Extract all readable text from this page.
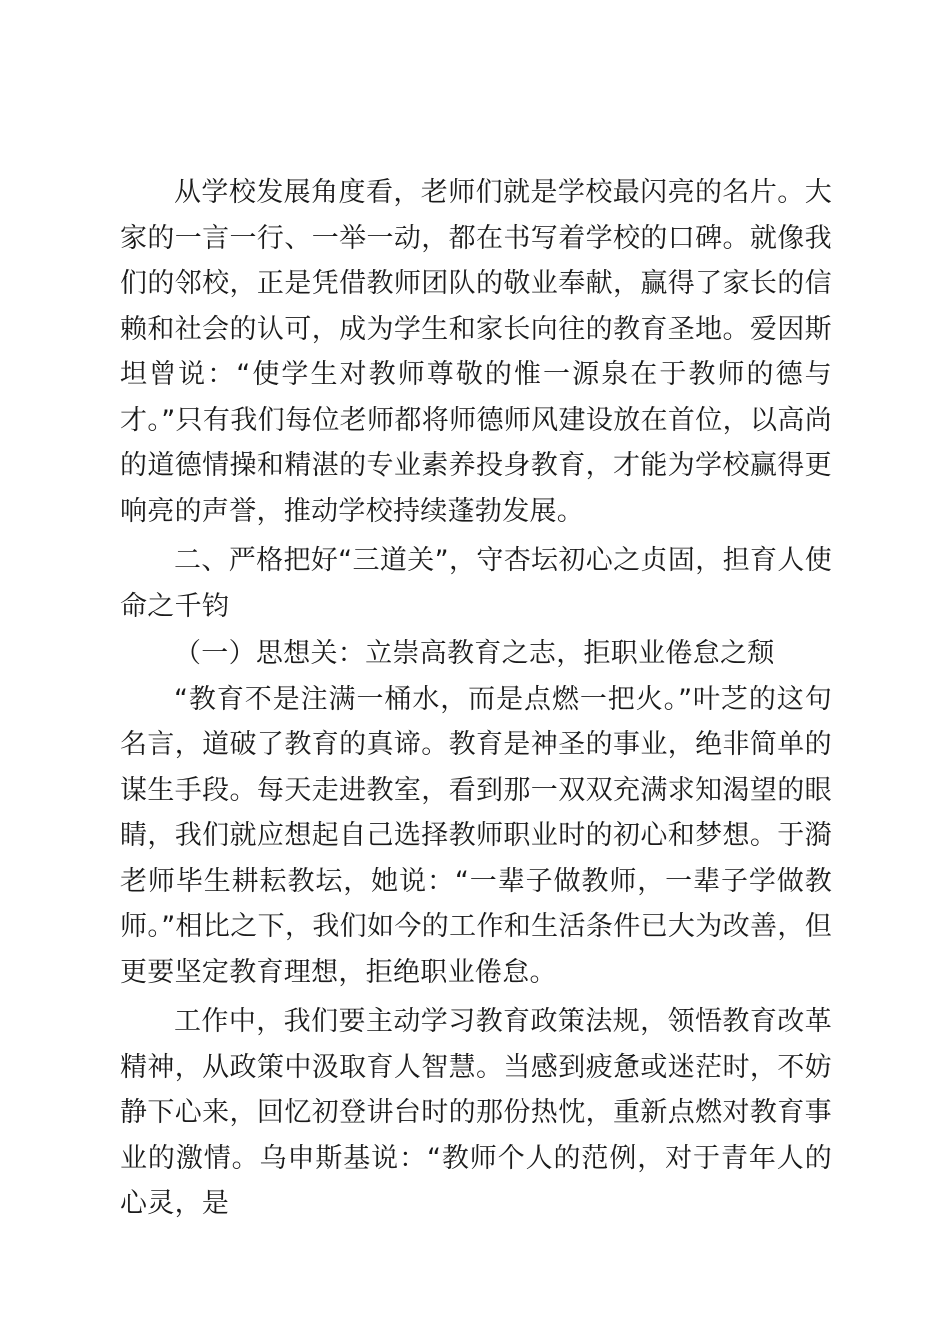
从学校发展角度看，老师们就是学校最闪亮的名片。大家的一言一行、一举一动，都在书写着学校的口碑。就像我们的邻校，正是凭借教师团队的敬业奉献，赢得了家长的信赖和社会的认可，成为学生和家长向往的教育圣地。爱因斯坦曾说：“使学生对教师尊敬的惟一源泉在于教师的德与才。”只有我们每位老师都将师德师风建设放在首位，以高尚的道德情操和精湛的专业素养投身教育，才能为学校赢得更响亮的声誉，推动学校持续蓬勃发展。

二、严格把好“三道关”，守杏坛初心之贞固，担育人使命之千钧

（一）思想关：立崇高教育之志，拒职业倦怠之颓

“教育不是注满一桶水，而是点燃一把火。”叶芝的这句名言，道破了教育的真谛。教育是神圣的事业，绝非简单的谋生手段。每天走进教室，看到那一双双充满求知渴望的眼睛，我们就应想起自己选择教师职业时的初心和梦想。于漪老师毕生耕耘教坛，她说：“一辈子做教师，一辈子学做教师。”相比之下，我们如今的工作和生活条件已大为改善，但更要坚定教育理想，拒绝职业倦怠。

工作中，我们要主动学习教育政策法规，领悟教育改革精神，从政策中汲取育人智慧。当感到疲惫或迷茫时，不妨静下心来，回忆初登讲台时的那份热忱，重新点燃对教育事业的激情。乌申斯基说：“教师个人的范例，对于青年人的心灵，是
